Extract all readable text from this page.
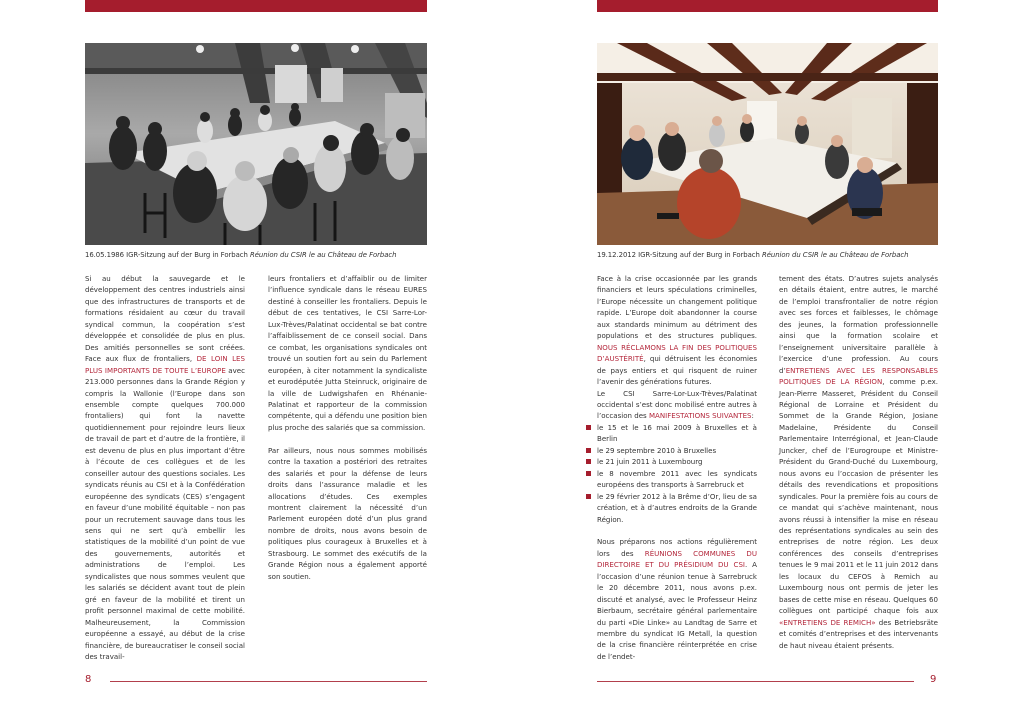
16.05.1986 IGR-Sitzung auf der Burg in Forbach Réunion du CSIR le au Château de Forbach	19.12.2012 IGR-Sitzung auf der Burg in Forbach Réunion du CSIR le au Château de Forbach

Si au début la sauvegarde et le développement des centres industriels ainsi que des infrastructures de transports et de formations résidaient au cœur du travail syndical commun, la coopération s’est développée et consolidée de plus en plus. Des amitiés personnelles se sont créées. Face aux flux de frontaliers, DE LOIN LES PLUS IMPORTANTS DE TOUTE L’EUROPE avec 213.000 personnes dans la Grande Région y compris la Wallonie (l’Europe dans son ensemble compte quelques 700.000 frontaliers) qui font la navette quotidiennement pour rejoindre leurs lieux de travail de part et d’autre de la frontière, il est devenu de plus en plus important d’être à l’écoute de ces collègues et de les conseiller autour des questions sociales. Les syndicats réunis au CSI et à la Confédération européenne des syndicats (CES) s’engagent en faveur d’une mobilité équitable – non pas pour un recrutement sauvage dans tous les sens qui ne sert qu’à embellir les statistiques de la mobilité d’un point de vue des gouvernements, autorités et administrations de l’emploi. Les syndicalistes que nous sommes veulent que les salariés se décident avant tout de plein gré en faveur de la mobilité et tirent un profit personnel maximal de cette mobilité. Malheureusement, la Commission européenne a essayé, au début de la crise financière, de bureaucratiser le conseil social des travail-

leurs frontaliers et d’affaiblir ou de limiter l’influence syndicale dans le réseau EURES destiné à conseiller les frontaliers. Depuis le début de ces tentatives, le CSI Sarre-Lor-Lux-Trèves/Palatinat occidental se bat contre l’affaiblissement de ce conseil social. Dans ce combat, les organisations syndicales ont trouvé un soutien fort au sein du Parlement européen, à citer notamment la syndicaliste et eurodéputée Jutta Steinruck, originaire de la ville de Ludwigshafen en Rhénanie-Palatinat et rapporteur de la commission compétente, qui a défendu une position bien plus proche des salariés que sa commission.

Par ailleurs, nous nous sommes mobilisés contre la taxation a postériori des retraites des salariés et pour la défense de leurs droits dans l’assurance maladie et les allocations d’études. Ces exemples montrent clairement la nécessité d’un Parlement européen doté d’un plus grand nombre de droits, nous avons besoin de politiques plus courageux à Bruxelles et à Strasbourg. Le sommet des exécutifs de la Grande Région nous a également apporté son soutien.

Face à la crise occasionnée par les grands financiers et leurs spéculations criminelles, l’Europe nécessite un changement politique rapide. L’Europe doit abandonner la course aux standards minimum au détriment des populations et des structures publiques. NOUS RÉCLAMONS LA FIN DES POLITIQUES D’AUSTÉRITÉ, qui détruisent les économies de pays entiers et qui risquent de ruiner l’avenir des générations futures.

Le CSI Sarre-Lor-Lux-Trèves/Palatinat occidental s’est donc mobilisé entre autres à l’occasion des MANIFESTATIONS SUIVANTES:

le 15 et le 16 mai 2009 à Bruxelles et à Berlin
le 29 septembre 2010 à Bruxelles
le 21 juin 2011 à Luxembourg
le 8 novembre 2011 avec les syndicats européens des transports à Sarrebruck et
le 29 février 2012 à la Brême d’Or, lieu de sa création, et à d’autres endroits de la Grande Région.

Nous préparons nos actions régulièrement lors des RÉUNIONS COMMUNES DU DIRECTOIRE ET DU PRÉSIDIUM DU CSI. A l’occasion d’une réunion tenue à Sarrebruck le 20 décembre 2011, nous avons p.ex. discuté et analysé, avec le Professeur Heinz Bierbaum, secrétaire général parlementaire du parti «Die Linke» au Landtag de Sarre et membre du syndicat IG Metall, la question de la crise financière réinterprétée en crise de l’endet-

tement des états. D’autres sujets analysés en détails étaient, entre autres, le marché de l’emploi transfrontalier de notre région avec ses forces et faiblesses, le chômage des jeunes, la formation professionnelle ainsi que la formation scolaire et l’enseignement universitaire parallèle à l’exercice d’une profession. Au cours d’ENTRETIENS AVEC LES RESPONSABLES POLITIQUES DE LA RÉGION, comme p.ex. Jean-Pierre Masseret, Président du Conseil Régional de Lorraine et Président du Sommet de la Grande Région, Josiane Madelaine, Présidente du Conseil Parlementaire Interrégional, et Jean-Claude Juncker, chef de l’Eurogroupe et Ministre-Président du Grand-Duché du Luxembourg, nous avons eu l’occasion de présenter les détails des revendications et propositions syndicales. Pour la première fois au cours de ce mandat qui s’achève maintenant, nous avons réussi à intensifier la mise en réseau des représentations syndicales au sein des entreprises de notre région. Les deux conférences des conseils d’entreprises tenues le 9 mai 2011 et le 11 juin 2012 dans les locaux du CEFOS à Remich au Luxembourg nous ont permis de jeter les bases de cette mise en réseau. Quelques 60 collègues ont participé chaque fois aux «ENTRETIENS DE REMICH» des Betriebsräte et comités d’entreprises et des intervenants de haut niveau étaient présents.

8	9
